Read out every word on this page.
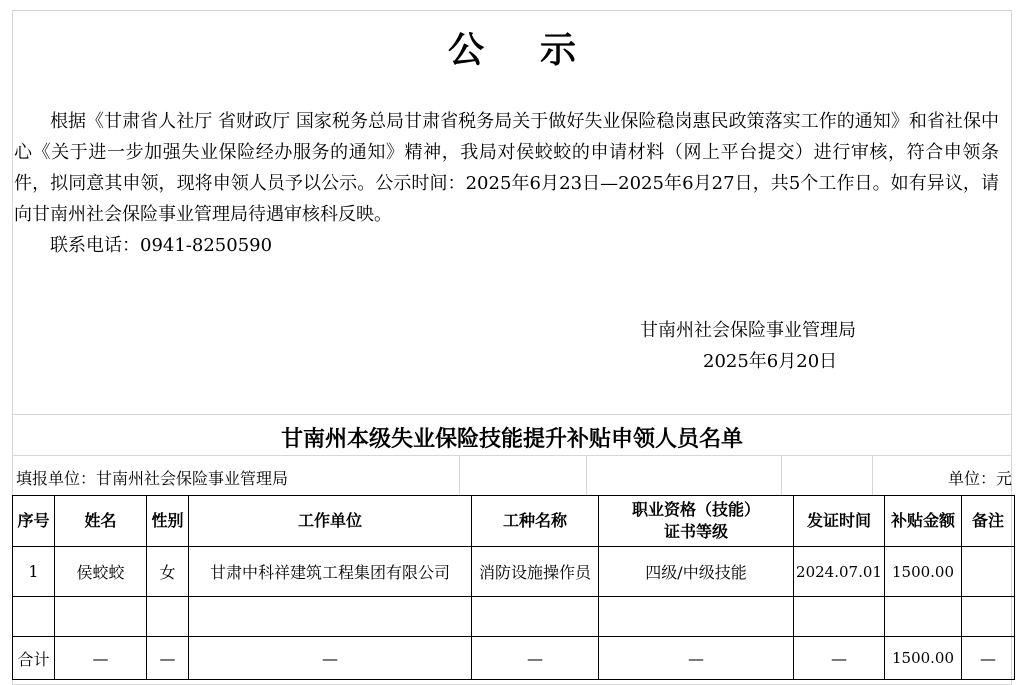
公示

根据《甘肃省人社厅 省财政厅 国家税务总局甘肃省税务局关于做好失业保险稳岗惠民政策落实工作的通知》和省社保中心《关于进一步加强失业保险经办服务的通知》精神，我局对侯蛟蛟的申请材料（网上平台提交）进行审核，符合申领条件，拟同意其申领，现将申领人员予以公示。公示时间：2025年6月23日—2025年6月27日，共5个工作日。如有异议，请向甘南州社会保险事业管理局待遇审核科反映。

联系电话：0941-8250590

甘南州社会保险事业管理局
2025年6月20日
甘南州本级失业保险技能提升补贴申领人员名单
填报单位：甘南州社会保险事业管理局	单位：元
序号	姓名	性别	工作单位	工种名称	职业资格（技能）
证书等级	发证时间	补贴金额	备注
1	侯蛟蛟	女	甘肃中科祥建筑工程集团有限公司	消防设施操作员	四级/中级技能	2024.07.01	1500.00	

合计	—	—	—	—	—	—	1500.00	—
